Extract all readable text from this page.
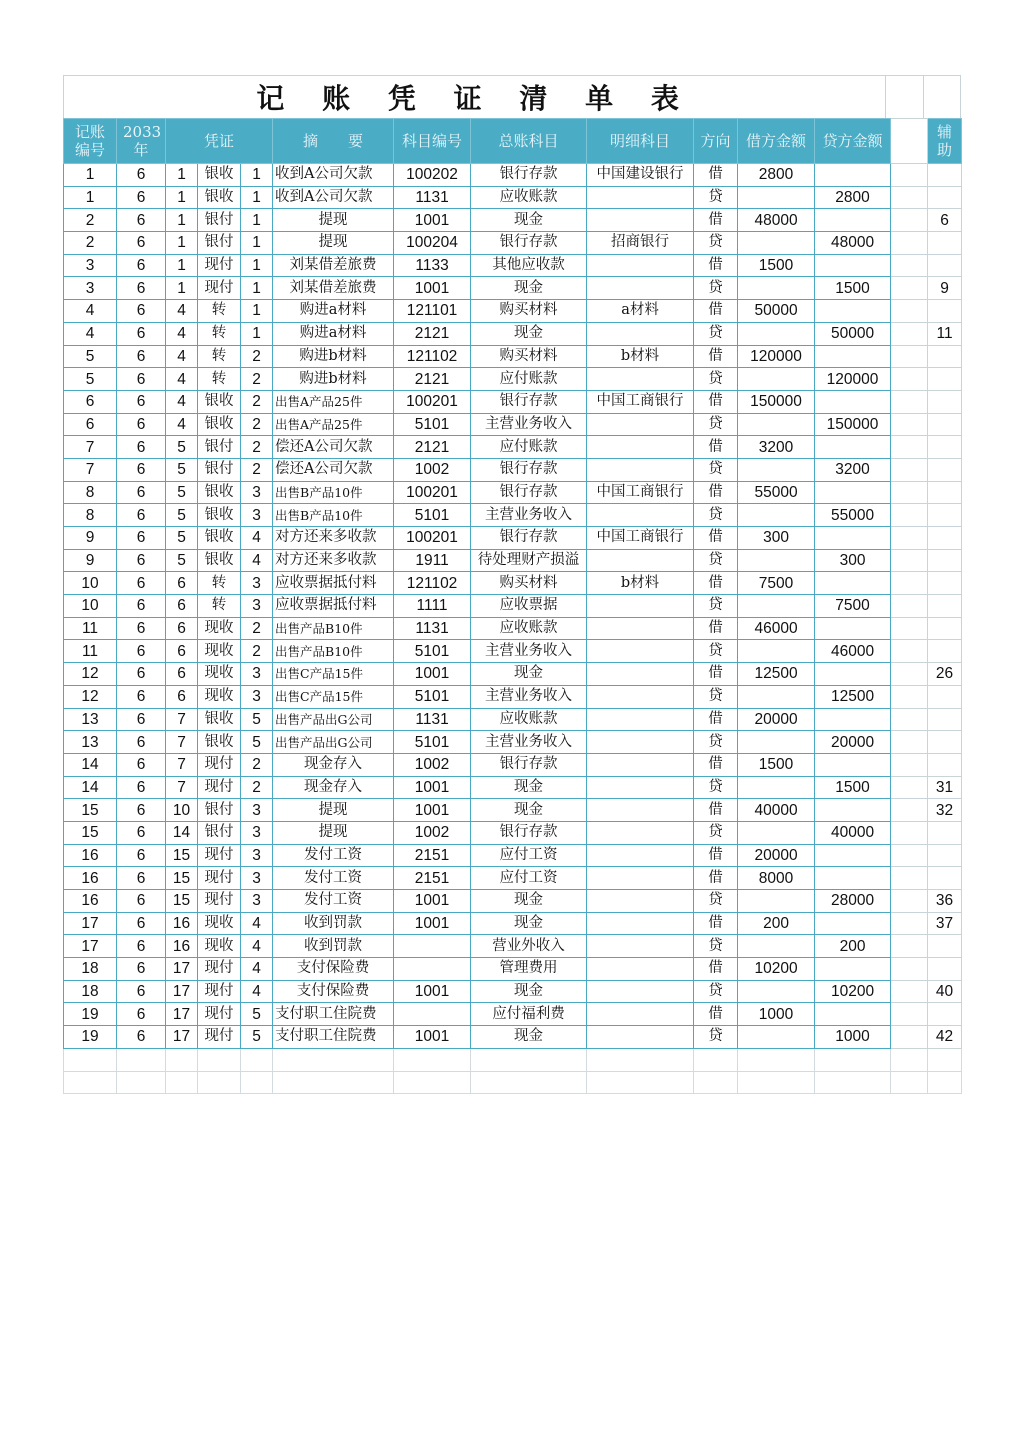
记 账 凭 证 清 单 表
记账编号	2033年	凭证			摘　　要	科目编号	总账科目	明细科目	方向	借方金额	贷方金额		辅助
1	6	1	银收	1	收到A公司欠款	100202	银行存款	中国建设银行	借	2800			
1	6	1	银收	1	收到A公司欠款	1131	应收账款		贷		2800		
2	6	1	银付	1	提现	1001	现金		借	48000			6
2	6	1	银付	1	提现	100204	银行存款	招商银行	贷		48000		
3	6	1	现付	1	刘某借差旅费	1133	其他应收款		借	1500			
3	6	1	现付	1	刘某借差旅费	1001	现金		贷		1500		9
4	6	4	转	1	购进a材料	121101	购买材料	a材料	借	50000			
4	6	4	转	1	购进a材料	2121	现金		贷		50000		11
5	6	4	转	2	购进b材料	121102	购买材料	b材料	借	120000			
5	6	4	转	2	购进b材料	2121	应付账款		贷		120000		
6	6	4	银收	2	出售A产品25件	100201	银行存款	中国工商银行	借	150000			
6	6	4	银收	2	出售A产品25件	5101	主营业务收入		贷		150000		
7	6	5	银付	2	偿还A公司欠款	2121	应付账款		借	3200			
7	6	5	银付	2	偿还A公司欠款	1002	银行存款		贷		3200		
8	6	5	银收	3	出售B产品10件	100201	银行存款	中国工商银行	借	55000			
8	6	5	银收	3	出售B产品10件	5101	主营业务收入		贷		55000		
9	6	5	银收	4	对方还来多收款	100201	银行存款	中国工商银行	借	300			
9	6	5	银收	4	对方还来多收款	1911	待处理财产损溢		贷		300		
10	6	6	转	3	应收票据抵付料	121102	购买材料	b材料	借	7500			
10	6	6	转	3	应收票据抵付料	1111	应收票据		贷		7500		
11	6	6	现收	2	出售产品B10件	1131	应收账款		借	46000			
11	6	6	现收	2	出售产品B10件	5101	主营业务收入		贷		46000		
12	6	6	现收	3	出售C产品15件	1001	现金		借	12500			26
12	6	6	现收	3	出售C产品15件	5101	主营业务收入		贷		12500		
13	6	7	银收	5	出售产品出G公司	1131	应收账款		借	20000			
13	6	7	银收	5	出售产品出G公司	5101	主营业务收入		贷		20000		
14	6	7	现付	2	现金存入	1002	银行存款		借	1500			
14	6	7	现付	2	现金存入	1001	现金		贷		1500		31
15	6	10	银付	3	提现	1001	现金		借	40000			32
15	6	14	银付	3	提现	1002	银行存款		贷		40000		
16	6	15	现付	3	发付工资	2151	应付工资		借	20000			
16	6	15	现付	3	发付工资	2151	应付工资		借	8000			
16	6	15	现付	3	发付工资	1001	现金		贷		28000		36
17	6	16	现收	4	收到罚款	1001	现金		借	200			37
17	6	16	现收	4	收到罚款		营业外收入		贷		200		
18	6	17	现付	4	支付保险费		管理费用		借	10200			
18	6	17	现付	4	支付保险费	1001	现金		贷		10200		40
19	6	17	现付	5	支付职工住院费		应付福利费		借	1000			
19	6	17	现付	5	支付职工住院费	1001	现金		贷		1000		42
